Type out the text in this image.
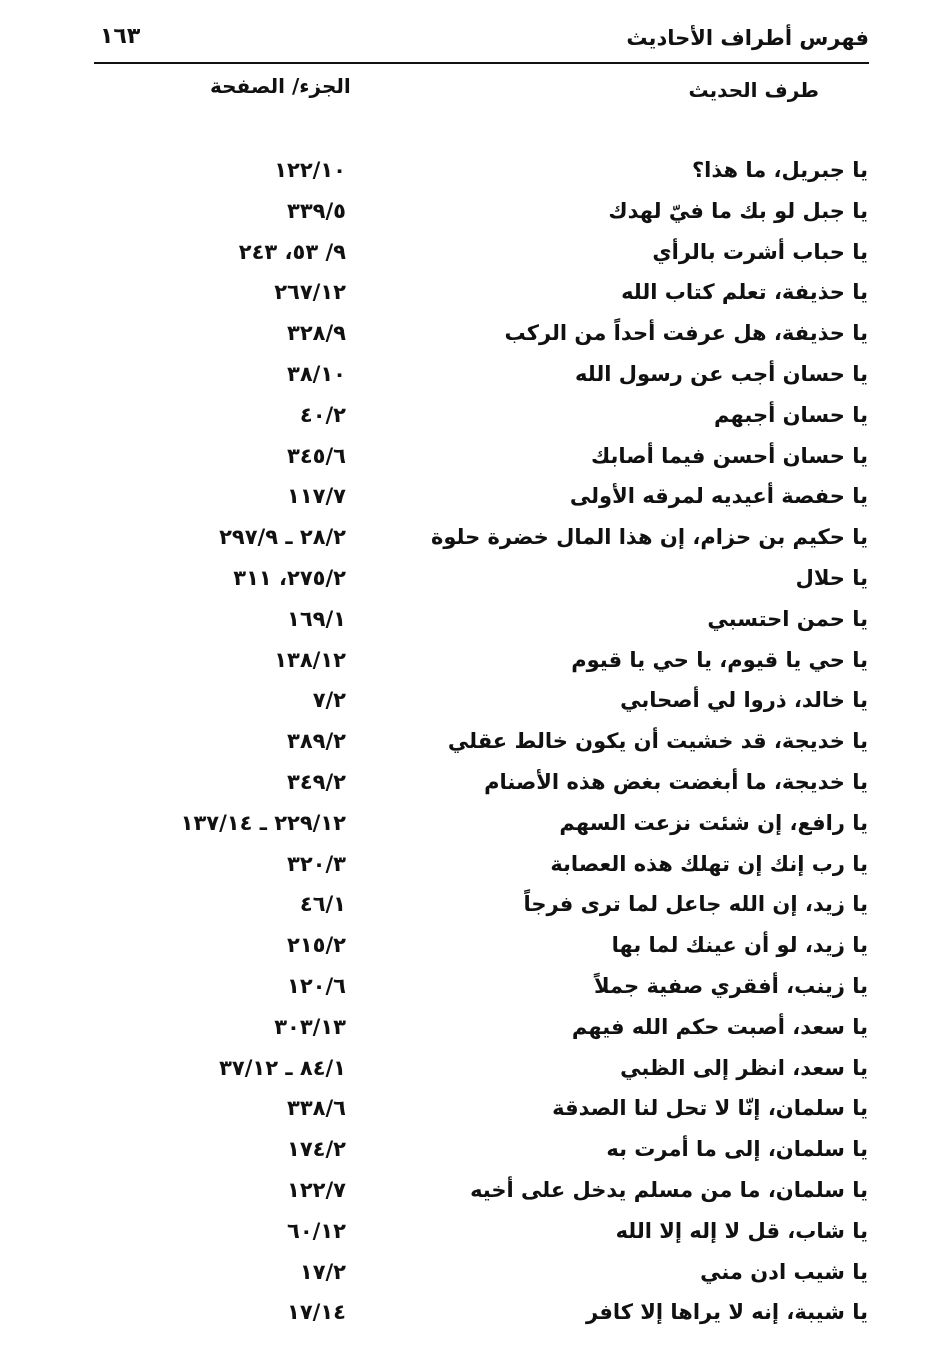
فهرس أطراف الأحاديث
١٦٣
طرف الحديث
الجزء/ الصفحة
يا جبريل، ما هذا؟
١٢٢/١٠
يا جبل لو بك ما فيّ لهدك
٣٣٩/٥
يا حباب أشرت بالرأي
٩/ ٥٣، ٢٤٣
يا حذيفة، تعلم كتاب الله
٢٦٧/١٢
يا حذيفة، هل عرفت أحداً من الركب
٣٢٨/٩
يا حسان أجب عن رسول الله
٣٨/١٠
يا حسان أجبهم
٤٠/٢
يا حسان أحسن فيما أصابك
٣٤٥/٦
يا حفصة أعيديه لمرقه الأولى
١١٧/٧
يا حكيم بن حزام، إن هذا المال خضرة حلوة
٢٨/٢ ـ ٢٩٧/٩
يا حلال
٢٧٥/٢، ٣١١
يا حمن احتسبي
١٦٩/١
يا حي يا قيوم، يا حي يا قيوم
١٣٨/١٢
يا خالد، ذروا لي أصحابي
٧/٢
يا خديجة، قد خشيت أن يكون خالط عقلي
٣٨٩/٢
يا خديجة، ما أبغضت بغض هذه الأصنام
٣٤٩/٢
يا رافع، إن شئت نزعت السهم
٢٢٩/١٢ ـ ١٣٧/١٤
يا رب إنك إن تهلك هذه العصابة
٣٢٠/٣
يا زيد، إن الله جاعل لما ترى فرجاً
٤٦/١
يا زيد، لو أن عينك لما بها
٢١٥/٢
يا زينب، أفقري صفية جملاً
١٢٠/٦
يا سعد، أصبت حكم الله فيهم
٣٠٣/١٣
يا سعد، انظر إلى الظبي
٨٤/١ ـ ٣٧/١٢
يا سلمان، إنّا لا تحل لنا الصدقة
٣٣٨/٦
يا سلمان، إلى ما أمرت به
١٧٤/٢
يا سلمان، ما من مسلم يدخل على أخيه
١٢٢/٧
يا شاب، قل لا إله إلا الله
٦٠/١٢
يا شيب ادن مني
١٧/٢
يا شيبة، إنه لا يراها إلا كافر
١٧/١٤
